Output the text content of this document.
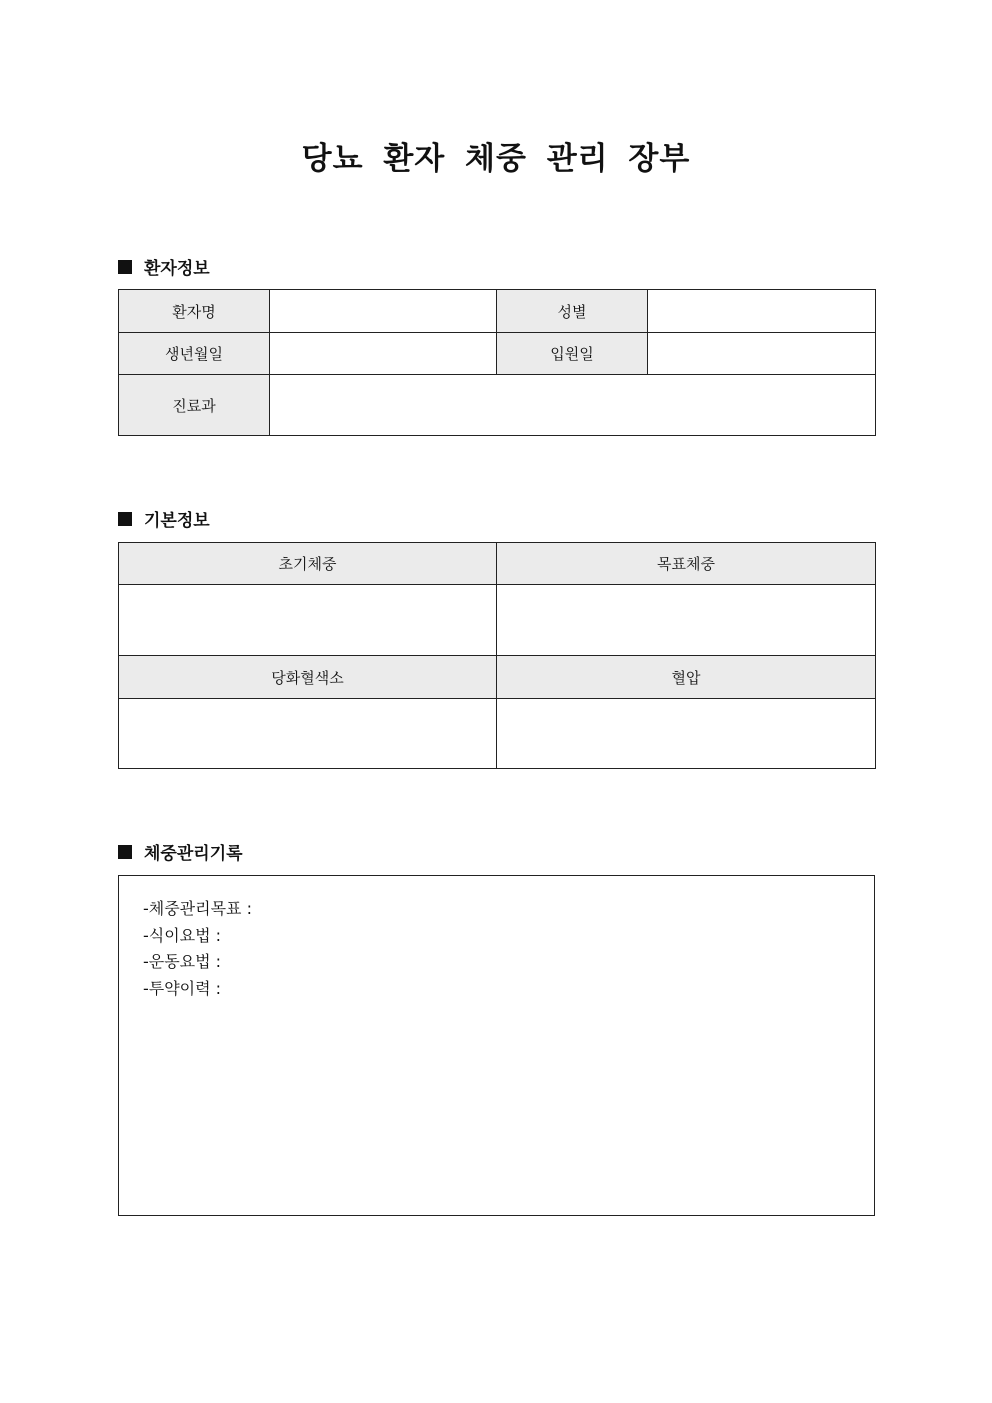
당뇨 환자 체중 관리 장부
환자정보
환자명		성별	
생년월일		입원일	
진료과			
기본정보
초기체중	목표체중

당화혈색소	혈압

체중관리기록
-체중관리목표 :
-식이요법 :
-운동요법 :
-투약이력 :
